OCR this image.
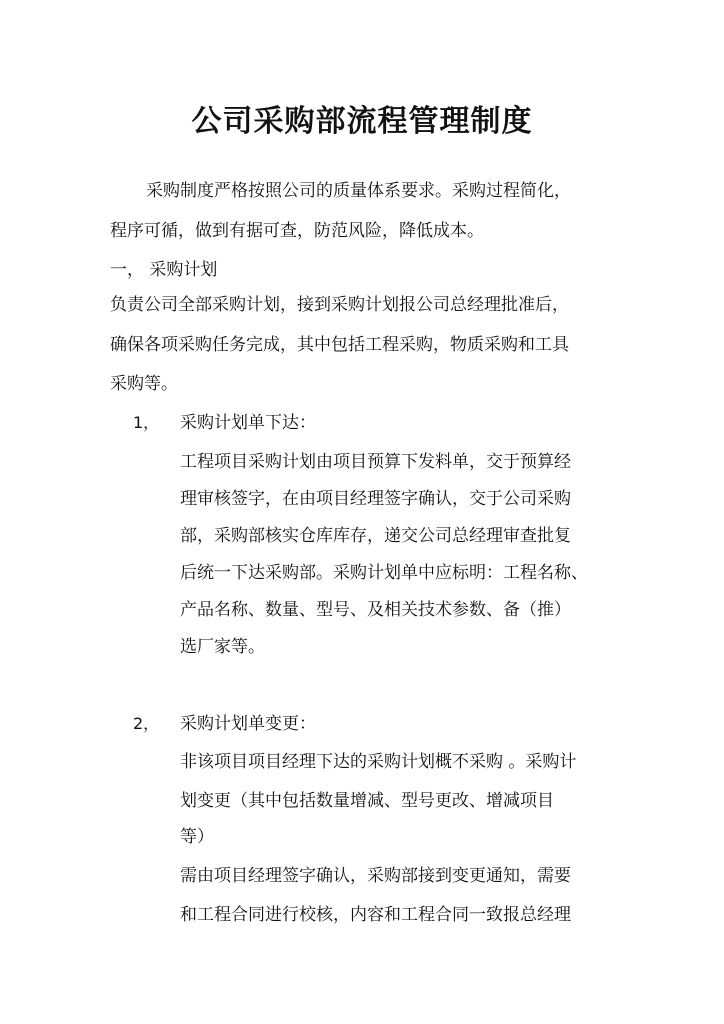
公司采购部流程管理制度

采购制度严格按照公司的质量体系要求。采购过程简化，

程序可循，做到有据可查，防范风险，降低成本。

一， 采购计划

负责公司全部采购计划，接到采购计划报公司总经理批准后，

确保各项采购任务完成，其中包括工程采购，物质采购和工具

采购等。

1， 采购计划单下达：

工程项目采购计划由项目预算下发料单，交于预算经

理审核签字，在由项目经理签字确认，交于公司采购

部，采购部核实仓库库存，递交公司总经理审查批复

后统一下达采购部。采购计划单中应标明：工程名称、

产品名称、数量、型号、及相关技术参数、备（推）

选厂家等。

2， 采购计划单变更：

非该项目项目经理下达的采购计划概不采购 。采购计

划变更（其中包括数量增减、型号更改、增减项目

等）

需由项目经理签字确认，采购部接到变更通知，需要

和工程合同进行校核，内容和工程合同一致报总经理
